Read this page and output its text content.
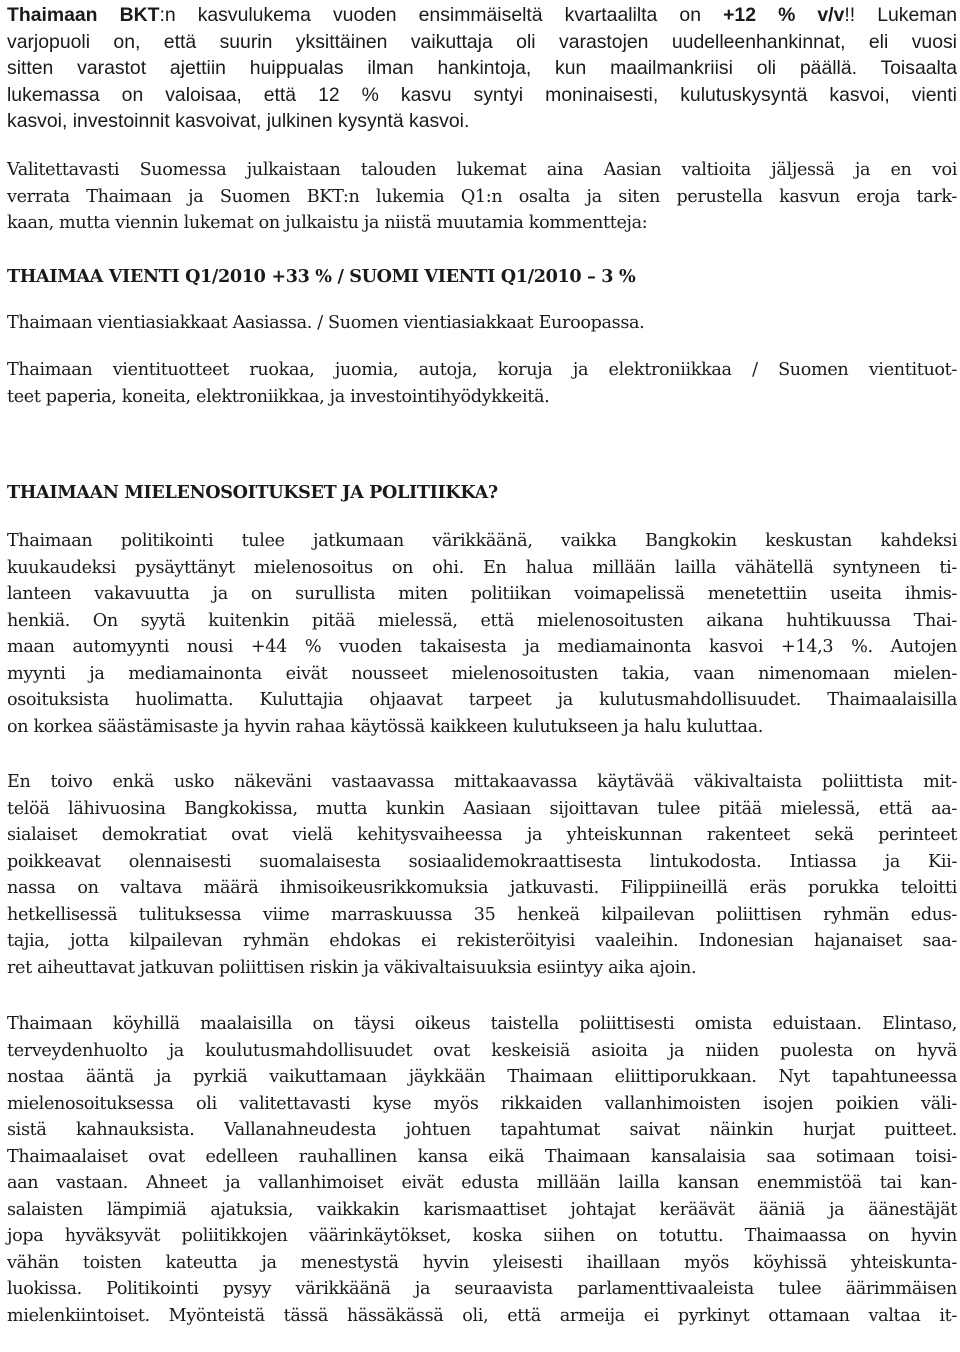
Thaimaan BKT:n kasvulukema vuoden ensimmäiseltä kvartaalilta on +12 % v/v!! Lukeman
varjopuoli on, että suurin yksittäinen vaikuttaja oli varastojen uudelleenhankinnat, eli vuosi
sitten varastot ajettiin huippualas ilman hankintoja, kun maailmankriisi oli päällä. Toisaalta
lukemassa on valoisaa, että 12 % kasvu syntyi moninaisesti, kulutuskysyntä kasvoi, vienti
kasvoi, investoinnit kasvoivat, julkinen kysyntä kasvoi.
Valitettavasti Suomessa julkaistaan talouden lukemat aina Aasian valtioita jäljessä ja en voi
verrata Thaimaan ja Suomen BKT:n lukemia Q1:n osalta ja siten perustella kasvun eroja tark-
kaan, mutta viennin lukemat on julkaistu ja niistä muutamia kommentteja:
THAIMAA VIENTI Q1/2010 +33 % / SUOMI VIENTI Q1/2010 – 3 %
Thaimaan vientiasiakkaat Aasiassa. / Suomen vientiasiakkaat Euroopassa.
Thaimaan vientituotteet ruokaa, juomia, autoja, koruja ja elektroniikkaa / Suomen vientituot-
teet paperia, koneita, elektroniikkaa, ja investointihyödykkeitä.
THAIMAAN MIELENOSOITUKSET JA POLITIIKKA?
Thaimaan politikointi tulee jatkumaan värikkäänä, vaikka Bangkokin keskustan kahdeksi
kuukaudeksi pysäyttänyt mielenosoitus on ohi. En halua millään lailla vähätellä syntyneen ti-
lanteen vakavuutta ja on surullista miten politiikan voimapelissä menetettiin useita ihmis-
henkiä. On syytä kuitenkin pitää mielessä, että mielenosoitusten aikana huhtikuussa Thai-
maan automyynti nousi +44 % vuoden takaisesta ja mediamainonta kasvoi +14,3 %. Autojen
myynti ja mediamainonta eivät nousseet mielenosoitusten takia, vaan nimenomaan mielen-
osoituksista huolimatta. Kuluttajia ohjaavat tarpeet ja kulutusmahdollisuudet. Thaimaalaisilla
on korkea säästämisaste ja hyvin rahaa käytössä kaikkeen kulutukseen ja halu kuluttaa.
En toivo enkä usko näkeväni vastaavassa mittakaavassa käytävää väkivaltaista poliittista mit-
telöä lähivuosina Bangkokissa, mutta kunkin Aasiaan sijoittavan tulee pitää mielessä, että aa-
sialaiset demokratiat ovat vielä kehitysvaiheessa ja yhteiskunnan rakenteet sekä perinteet
poikkeavat olennaisesti suomalaisesta sosiaalidemokraattisesta lintukodosta. Intiassa ja Kii-
nassa on valtava määrä ihmisoikeusrikkomuksia jatkuvasti. Filippiineillä eräs porukka teloitti
hetkellisessä tulituksessa viime marraskuussa 35 henkeä kilpailevan poliittisen ryhmän edus-
tajia, jotta kilpailevan ryhmän ehdokas ei rekisteröityisi vaaleihin. Indonesian hajanaiset saa-
ret aiheuttavat jatkuvan poliittisen riskin ja väkivaltaisuuksia esiintyy aika ajoin.
Thaimaan köyhillä maalaisilla on täysi oikeus taistella poliittisesti omista eduistaan. Elintaso,
terveydenhuolto ja koulutusmahdollisuudet ovat keskeisiä asioita ja niiden puolesta on hyvä
nostaa ääntä ja pyrkiä vaikuttamaan jäykkään Thaimaan eliittiporukkaan. Nyt tapahtuneessa
mielenosoituksessa oli valitettavasti kyse myös rikkaiden vallanhimoisten isojen poikien väli-
sistä kahnauksista. Vallanahneudesta johtuen tapahtumat saivat näinkin hurjat puitteet.
Thaimaalaiset ovat edelleen rauhallinen kansa eikä Thaimaan kansalaisia saa sotimaan toisi-
aan vastaan. Ahneet ja vallanhimoiset eivät edusta millään lailla kansan enemmistöä tai kan-
salaisten lämpimiä ajatuksia, vaikkakin karismaattiset johtajat keräävät ääniä ja äänestäjät
jopa hyväksyvät poliitikkojen väärinkäytökset, koska siihen on totuttu. Thaimaassa on hyvin
vähän toisten kateutta ja menestystä hyvin yleisesti ihaillaan myös köyhissä yhteiskunta-
luokissa. Politikointi pysyy värikkäänä ja seuraavista parlamenttivaaleista tulee äärimmäisen
mielenkiintoiset. Myönteistä tässä hässäkässä oli, että armeija ei pyrkinyt ottamaan valtaa it-
